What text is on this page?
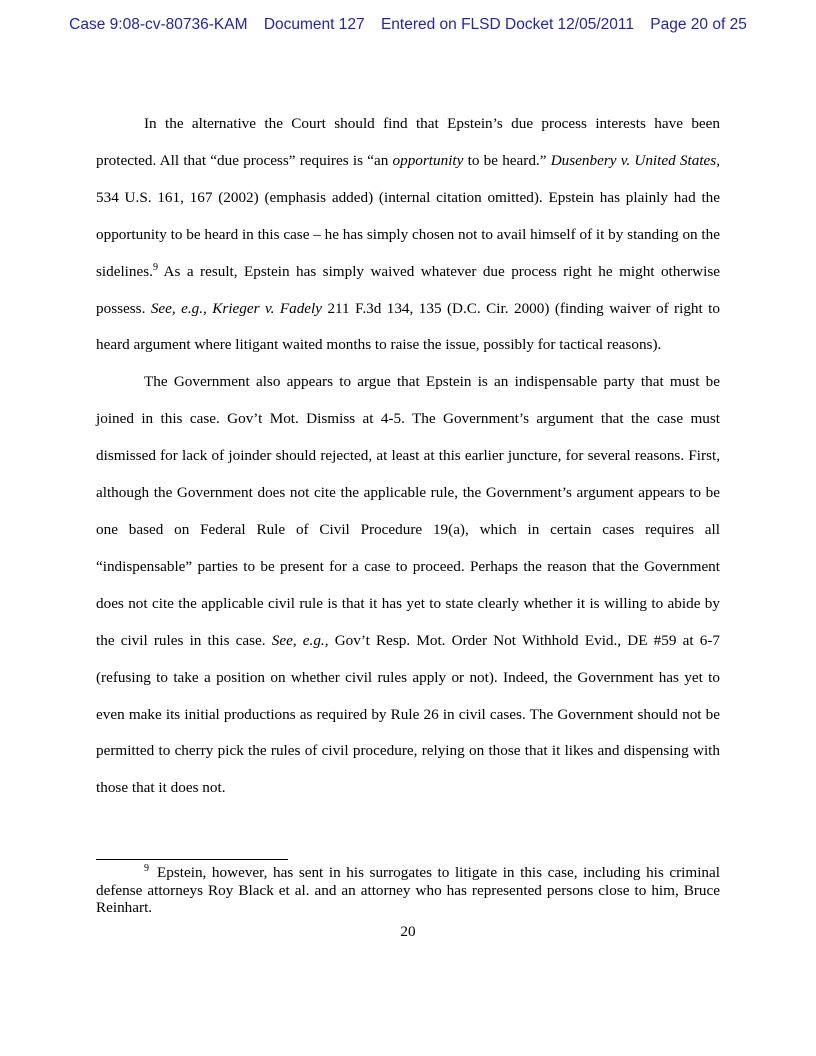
Case 9:08-cv-80736-KAM Document 127 Entered on FLSD Docket 12/05/2011 Page 20 of 25

In the alternative the Court should find that Epstein’s due process interests have been protected. All that “due process” requires is “an opportunity to be heard.” Dusenbery v. United States, 534 U.S. 161, 167 (2002) (emphasis added) (internal citation omitted). Epstein has plainly had the opportunity to be heard in this case – he has simply chosen not to avail himself of it by standing on the sidelines.$^9$ As a result, Epstein has simply waived whatever due process right he might otherwise possess. See, e.g., Krieger v. Fadely 211 F.3d 134, 135 (D.C. Cir. 2000) (finding waiver of right to heard argument where litigant waited months to raise the issue, possibly for tactical reasons).

The Government also appears to argue that Epstein is an indispensable party that must be joined in this case. Gov’t Mot. Dismiss at 4-5. The Government’s argument that the case must dismissed for lack of joinder should rejected, at least at this earlier juncture, for several reasons. First, although the Government does not cite the applicable rule, the Government’s argument appears to be one based on Federal Rule of Civil Procedure 19(a), which in certain cases requires all “indispensable” parties to be present for a case to proceed. Perhaps the reason that the Government does not cite the applicable civil rule is that it has yet to state clearly whether it is willing to abide by the civil rules in this case. See, e.g., Gov’t Resp. Mot. Order Not Withhold Evid., DE #59 at 6-7 (refusing to take a position on whether civil rules apply or not). Indeed, the Government has yet to even make its initial productions as required by Rule 26 in civil cases. The Government should not be permitted to cherry pick the rules of civil procedure, relying on those that it likes and dispensing with those that it does not.

$^9$ Epstein, however, has sent in his surrogates to litigate in this case, including his criminal defense attorneys Roy Black et al. and an attorney who has represented persons close to him, Bruce Reinhart.
20
